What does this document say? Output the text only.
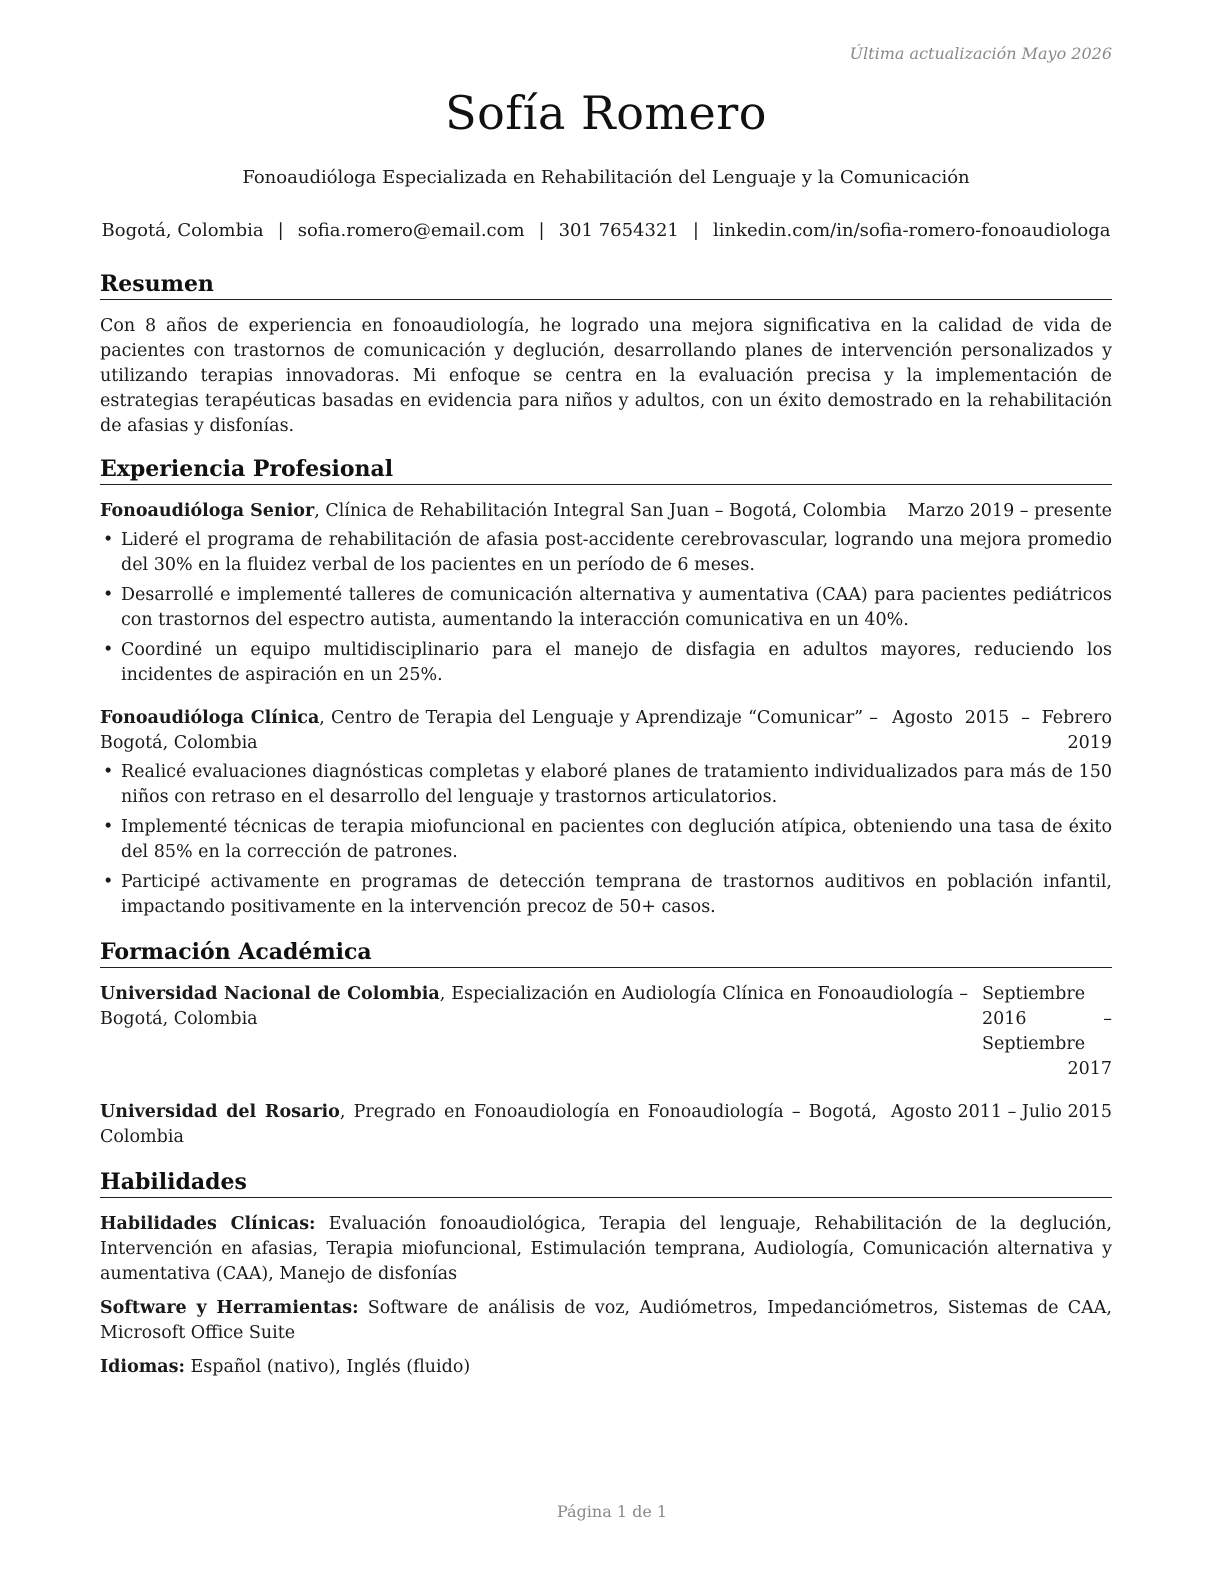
Última actualización Mayo 2026
Sofía Romero
Fonoaudióloga Especializada en Rehabilitación del Lenguaje y la Comunicación
Bogotá, Colombia | sofia.romero@email.com | 301 7654321 | linkedin.com/in/sofia-romero-fonoaudiologa
Resumen

Con 8 años de experiencia en fonoaudiología, he logrado una mejora significativa en la calidad de vida de pacientes con trastornos de comunicación y deglución, desarrollando planes de intervención personalizados y utilizando terapias innovadoras. Mi enfoque se centra en la evaluación precisa y la implementación de estrategias terapéuticas basadas en evidencia para niños y adultos, con un éxito demostrado en la rehabilitación de afasias y disfonías.

Experiencia Profesional
Fonoaudióloga Senior, Clínica de Rehabilitación Integral San Juan – Bogotá, Colombia	Marzo 2019 – presente
• Lideré el programa de rehabilitación de afasia post-accidente cerebrovascular, logrando una mejora promedio del 30% en la fluidez verbal de los pacientes en un período de 6 meses.
• Desarrollé e implementé talleres de comunicación alternativa y aumentativa (CAA) para pacientes pediátricos con trastornos del espectro autista, aumentando la interacción comunicativa en un 40%.
• Coordiné un equipo multidisciplinario para el manejo de disfagia en adultos mayores, reduciendo los incidentes de aspiración en un 25%.
Fonoaudióloga Clínica, Centro de Terapia del Lenguaje y Aprendizaje “Comunicar” – Bogotá, Colombia
Agosto 2015 – Febrero 2019
• Realicé evaluaciones diagnósticas completas y elaboré planes de tratamiento individualizados para más de 150 niños con retraso en el desarrollo del lenguaje y trastornos articulatorios.
• Implementé técnicas de terapia miofuncional en pacientes con deglución atípica, obteniendo una tasa de éxito del 85% en la corrección de patrones.
• Participé activamente en programas de detección temprana de trastornos auditivos en población infantil, impactando positivamente en la intervención precoz de 50+ casos.
Formación Académica
Universidad Nacional de Colombia, Especialización en Audiología Clínica en Fonoaudiología – Bogotá, Colombia
Septiembre 2016 – Septiembre 2017
Universidad del Rosario, Pregrado en Fonoaudiología en Fonoaudiología – Bogotá, Colombia
Agosto 2011 – Julio 2015
Habilidades

Habilidades Clínicas: Evaluación fonoaudiológica, Terapia del lenguaje, Rehabilitación de la deglución, Intervención en afasias, Terapia miofuncional, Estimulación temprana, Audiología, Comunicación alternativa y aumentativa (CAA), Manejo de disfonías

Software y Herramientas: Software de análisis de voz, Audiómetros, Impedanciómetros, Sistemas de CAA, Microsoft Office Suite

Idiomas: Español (nativo), Inglés (fluido)

Página 1 de 1
